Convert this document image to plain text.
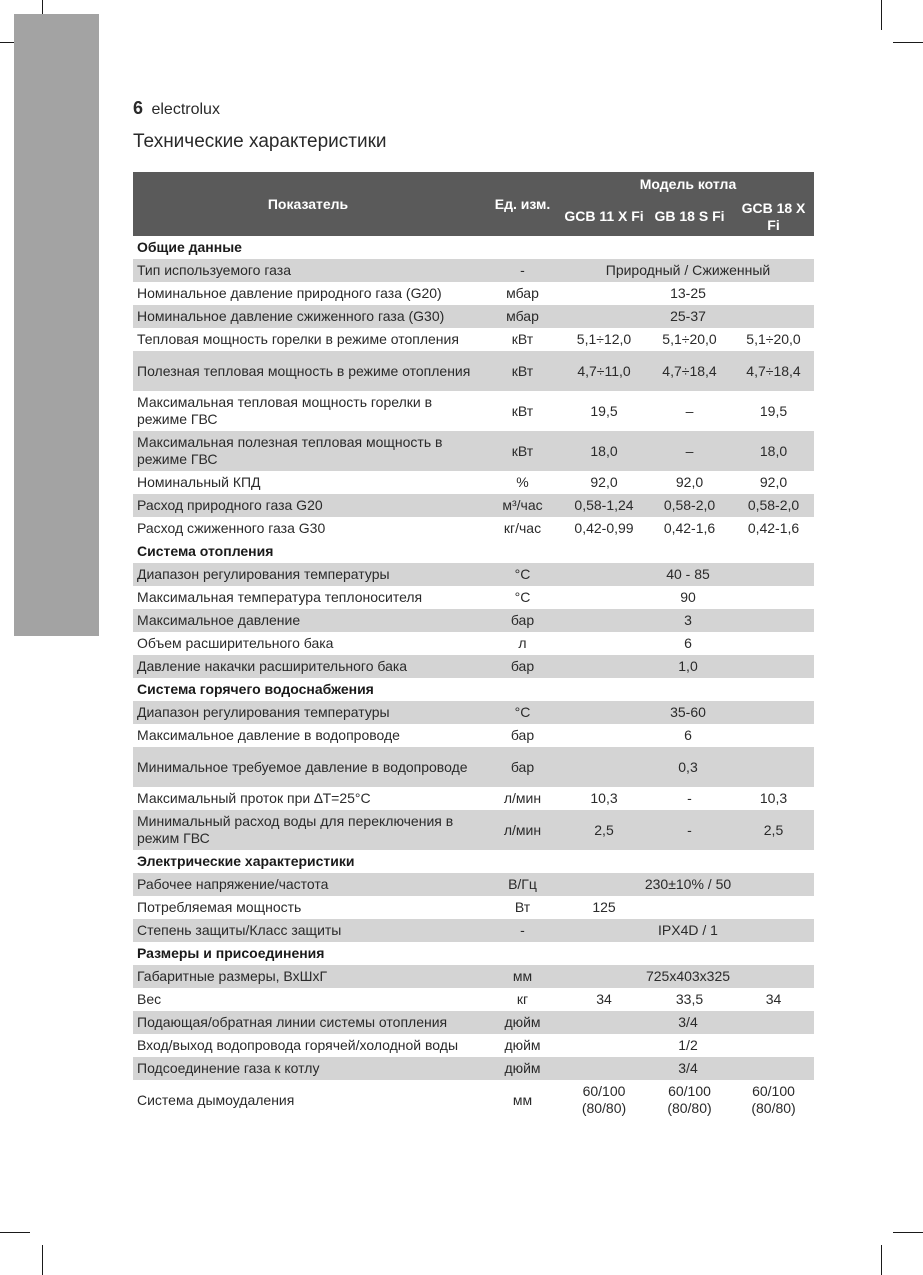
6 electrolux
Технические характеристики
Показатель	Ед. изм.	Модель котла		
		GCB 11 X Fi	GB 18 S Fi	GCB 18 X Fi
Общие данные				
Тип используемого газа	-	Природный / Сжиженный		
Номинальное давление природного газа (G20)	мбар	13-25		
Номинальное давление сжиженного газа (G30)	мбар	25-37		
Тепловая мощность горелки в режиме отопления	кВт	5,1÷12,0	5,1÷20,0	5,1÷20,0
Полезная тепловая мощность в режиме отопления	кВт	4,7÷11,0	4,7÷18,4	4,7÷18,4
Максимальная тепловая мощность горелки в режиме ГВС	кВт	19,5	–	19,5
Максимальная полезная тепловая мощность в режиме ГВС	кВт	18,0	–	18,0
Номинальный КПД	%	92,0	92,0	92,0
Расход природного газа G20	м³/час	0,58-1,24	0,58-2,0	0,58-2,0
Расход сжиженного газа G30	кг/час	0,42-0,99	0,42-1,6	0,42-1,6
Система отопления				
Диапазон регулирования температуры	°С	40 - 85		
Максимальная температура теплоносителя	°С	90		
Максимальное давление	бар	3		
Объем расширительного бака	л	6		
Давление накачки расширительного бака	бар	1,0		
Система горячего водоснабжения				
Диапазон регулирования температуры	°С	35-60		
Максимальное давление в водопроводе	бар	6		
Минимальное требуемое давление в водопроводе	бар	0,3		
Максимальный проток при ∆T=25°С	л/мин	10,3	-	10,3
Минимальный расход воды для переключения в режим ГВС	л/мин	2,5	-	2,5
Электрические характеристики				
Рабочее напряжение/частота	В/Гц	230±10% / 50		
Потребляемая мощность	Вт	125		
Степень защиты/Класс защиты	-	IPX4D / 1		
Размеры и присоединения				
Габаритные размеры, ВхШхГ	мм	725x403x325		
Вес	кг	34	33,5	34
Подающая/обратная линии системы отопления	дюйм	3/4		
Вход/выход водопровода горячей/холодной воды	дюйм	1/2		
Подсоединение газа к котлу	дюйм	3/4		
Система дымоудаления	мм	60/100 (80/80)	60/100 (80/80)	60/100 (80/80)
